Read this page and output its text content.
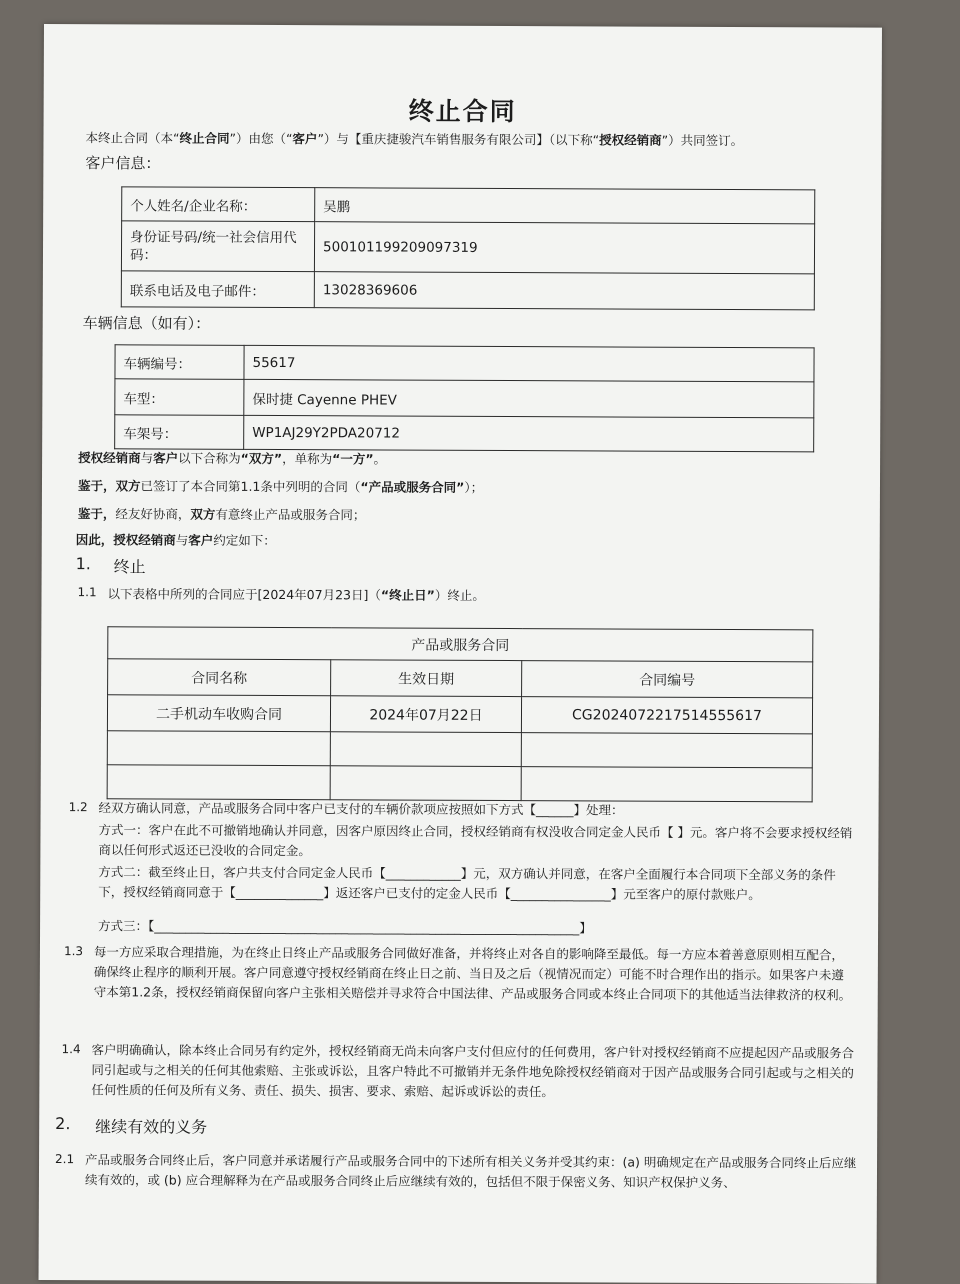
终止合同
本终止合同（本“终止合同”）由您（“客户”）与【重庆捷骏汽车销售服务有限公司】（以下称“授权经销商”）共同签订。
客户信息：
个人姓名/企业名称：	吴鹏
身份证号码/统一社会信用代码：	500101199209097319
联系电话及电子邮件：	13028369606
车辆信息（如有）：
车辆编号：	55617
车型：	保时捷 Cayenne PHEV
车架号：	WP1AJ29Y2PDA20712
授权经销商与客户以下合称为“双方”，单称为“一方”。
鉴于，双方已签订了本合同第1.1条中列明的合同（“产品或服务合同”）；
鉴于，经友好协商，双方有意终止产品或服务合同；
因此，授权经销商与客户约定如下：
1. 终止
1.1 以下表格中所列的合同应于[2024年07月23日]（“终止日”）终止。
产品或服务合同		
合同名称	生效日期	合同编号
二手机动车收购合同	2024年07月22日	CG2024072217514555617

1.2 经双方确认同意，产品或服务合同中客户已支付的车辆价款项应按照如下方式【______】处理：
方式一：客户在此不可撤销地确认并同意，因客户原因终止合同，授权经销商有权没收合同定金人民币【 】元。客户将不会要求授权经销商以任何形式返还已没收的合同定金。
方式二：截至终止日，客户共支付合同定金人民币【____________】元，双方确认并同意，在客户全面履行本合同项下全部义务的条件下，授权经销商同意于【______________】返还客户已支付的定金人民币【________________】元至客户的原付款账户。
方式三：【____________________________________________________________________】
1.3 每一方应采取合理措施，为在终止日终止产品或服务合同做好准备，并将终止对各自的影响降至最低。每一方应本着善意原则相互配合，确保终止程序的顺利开展。客户同意遵守授权经销商在终止日之前、当日及之后（视情况而定）可能不时合理作出的指示。如果客户未遵守本第1.2条，授权经销商保留向客户主张相关赔偿并寻求符合中国法律、产品或服务合同或本终止合同项下的其他适当法律救济的权利。
1.4 客户明确确认，除本终止合同另有约定外，授权经销商无尚未向客户支付但应付的任何费用，客户针对授权经销商不应提起因产品或服务合同引起或与之相关的任何其他索赔、主张或诉讼，且客户特此不可撤销并无条件地免除授权经销商对于因产品或服务合同引起或与之相关的任何性质的任何及所有义务、责任、损失、损害、要求、索赔、起诉或诉讼的责任。
2. 继续有效的义务
2.1 产品或服务合同终止后，客户同意并承诺履行产品或服务合同中的下述所有相关义务并受其约束：(a) 明确规定在产品或服务合同终止后应继续有效的，或 (b) 应合理解释为在产品或服务合同终止后应继续有效的，包括但不限于保密义务、知识产权保护义务、
